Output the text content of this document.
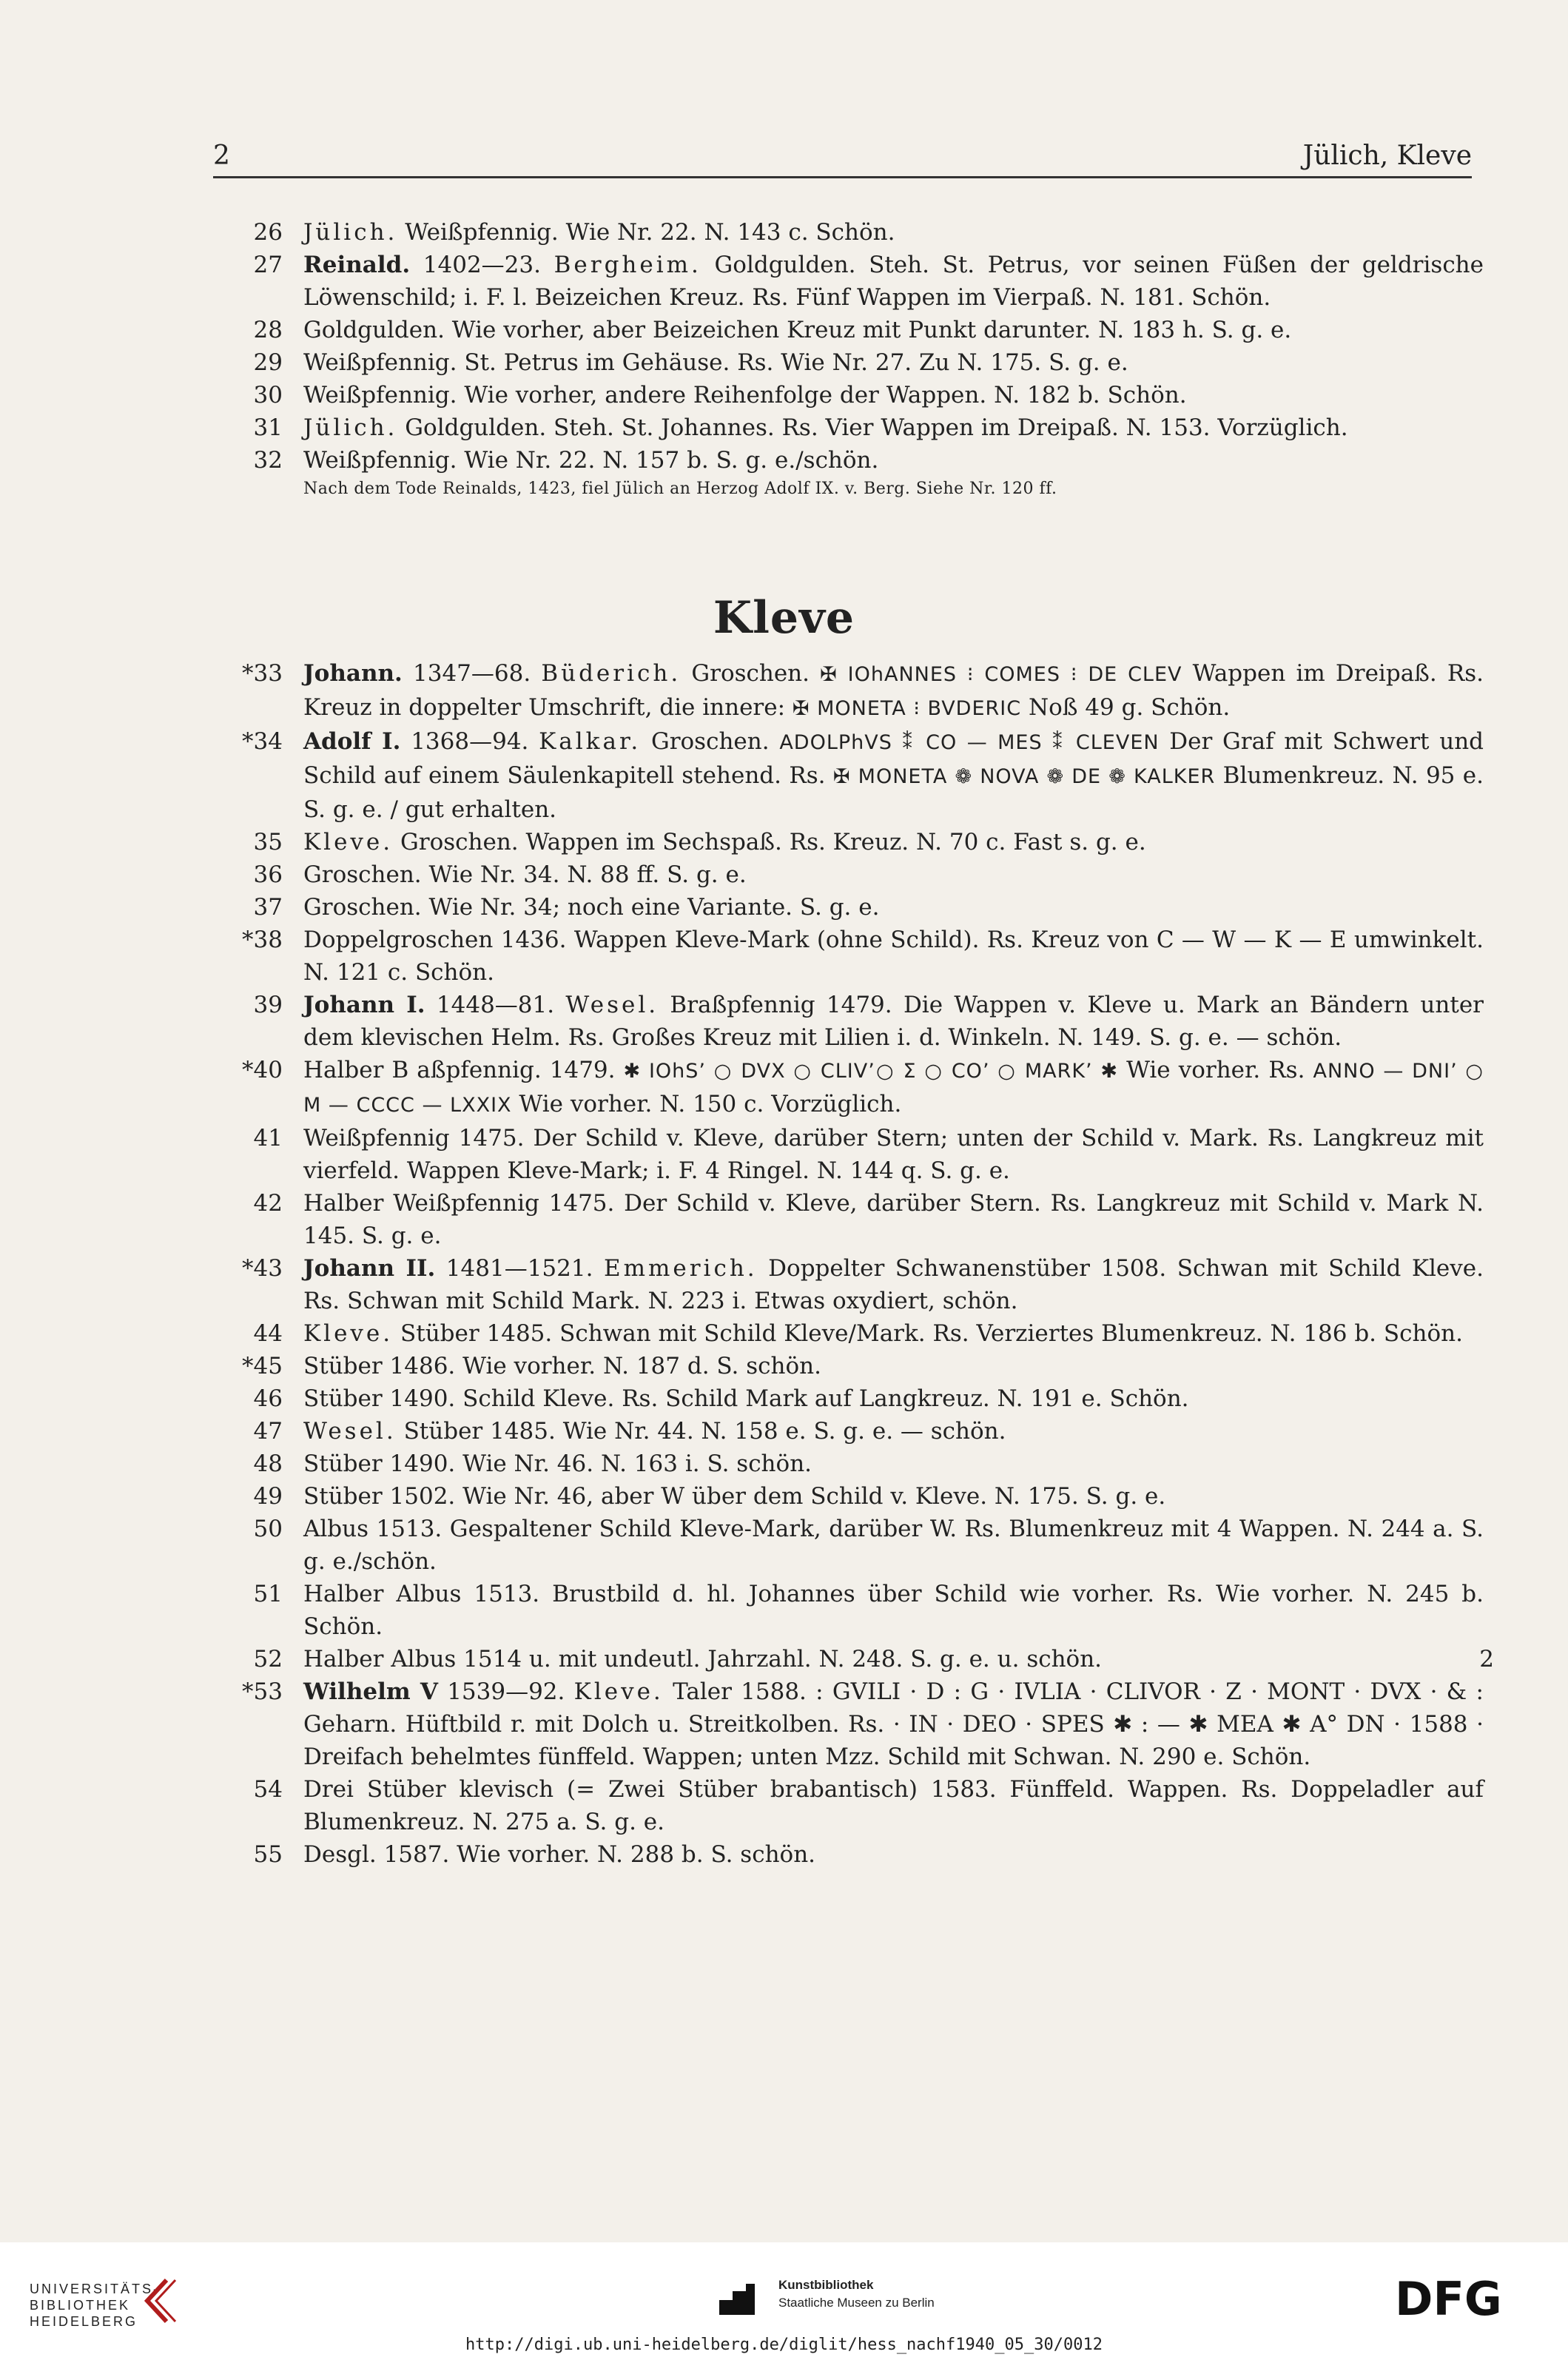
2	Jülich, Kleve
26 Jülich. Weißpfennig. Wie Nr. 22. N. 143 c. Schön.
27 Reinald. 1402—23. Bergheim. Goldgulden. Steh. St. Petrus, vor seinen Füßen der geldrische Löwenschild; i. F. l. Beizeichen Kreuz. Rs. Fünf Wappen im Vierpaß. N. 181. Schön.
28 Goldgulden. Wie vorher, aber Beizeichen Kreuz mit Punkt darunter. N. 183 h. S. g. e.
29 Weißpfennig. St. Petrus im Gehäuse. Rs. Wie Nr. 27. Zu N. 175. S. g. e.
30 Weißpfennig. Wie vorher, andere Reihenfolge der Wappen. N. 182 b. Schön.
31 Jülich. Goldgulden. Steh. St. Johannes. Rs. Vier Wappen im Dreipaß. N. 153. Vorzüglich.
32 Weißpfennig. Wie Nr. 22. N. 157 b. S. g. e./schön.
Nach dem Tode Reinalds, 1423, fiel Jülich an Herzog Adolf IX. v. Berg. Siehe Nr. 120 ff.
Kleve
*33 Johann. 1347—68. Büderich. Groschen. ✠ IOhANNES ⁝ COMES ⁝ DE CLEV Wappen im Dreipaß. Rs. Kreuz in doppelter Umschrift, die innere: ✠ MONETA ⁝ BVDERIC Noß 49 g. Schön.
*34 Adolf I. 1368—94. Kalkar. Groschen. ADOLPhVS ⁑ CO — MES ⁑ CLEVEN Der Graf mit Schwert und Schild auf einem Säulenkapitell stehend. Rs. ✠ MONETA ❁ NOVA ❁ DE ❁ KALKER Blumenkreuz. N. 95 e. S. g. e. / gut erhalten.
35 Kleve. Groschen. Wappen im Sechspaß. Rs. Kreuz. N. 70 c. Fast s. g. e.
36 Groschen. Wie Nr. 34. N. 88 ff. S. g. e.
37 Groschen. Wie Nr. 34; noch eine Variante. S. g. e.
*38 Doppelgroschen 1436. Wappen Kleve-Mark (ohne Schild). Rs. Kreuz von C — W — K — E umwinkelt. N. 121 c. Schön.
39 Johann I. 1448—81. Wesel. Braßpfennig 1479. Die Wappen v. Kleve u. Mark an Bändern unter dem klevischen Helm. Rs. Großes Kreuz mit Lilien i. d. Winkeln. N. 149. S. g. e. — schön.
*40 Halber B aßpfennig. 1479. ✱ IOhS’ ○ DVX ○ CLIV’○ Σ ○ CO’ ○ MARK’ ✱ Wie vorher. Rs. ANNO — DNI’ ○ M — CCCC — LXXIX Wie vorher. N. 150 c. Vorzüglich.
41 Weißpfennig 1475. Der Schild v. Kleve, darüber Stern; unten der Schild v. Mark. Rs. Langkreuz mit vierfeld. Wappen Kleve-Mark; i. F. 4 Ringel. N. 144 q. S. g. e.
42 Halber Weißpfennig 1475. Der Schild v. Kleve, darüber Stern. Rs. Langkreuz mit Schild v. Mark N. 145. S. g. e.
*43 Johann II. 1481—1521. Emmerich. Doppelter Schwanenstüber 1508. Schwan mit Schild Kleve. Rs. Schwan mit Schild Mark. N. 223 i. Etwas oxydiert, schön.
44 Kleve. Stüber 1485. Schwan mit Schild Kleve/Mark. Rs. Verziertes Blumenkreuz. N. 186 b. Schön.
*45 Stüber 1486. Wie vorher. N. 187 d. S. schön.
46 Stüber 1490. Schild Kleve. Rs. Schild Mark auf Langkreuz. N. 191 e. Schön.
47 Wesel. Stüber 1485. Wie Nr. 44. N. 158 e. S. g. e. — schön.
48 Stüber 1490. Wie Nr. 46. N. 163 i. S. schön.
49 Stüber 1502. Wie Nr. 46, aber W über dem Schild v. Kleve. N. 175. S. g. e.
50 Albus 1513. Gespaltener Schild Kleve-Mark, darüber W. Rs. Blumenkreuz mit 4 Wappen. N. 244 a. S. g. e./schön.
51 Halber Albus 1513. Brustbild d. hl. Johannes über Schild wie vorher. Rs. Wie vorher. N. 245 b. Schön.
52 Halber Albus 1514 u. mit undeutl. Jahrzahl. N. 248. S. g. e. u. schön.	2
*53 Wilhelm V 1539—92. Kleve. Taler 1588. : GVILI · D : G · IVLIA · CLIVOR · Z · MONT · DVX · & : Geharn. Hüftbild r. mit Dolch u. Streitkolben. Rs. · IN · DEO · SPES ✱ : — ✱ MEA ✱ A° DN · 1588 · Dreifach behelmtes fünffeld. Wappen; unten Mzz. Schild mit Schwan. N. 290 e. Schön.
54 Drei Stüber klevisch (= Zwei Stüber brabantisch) 1583. Fünffeld. Wappen. Rs. Doppeladler auf Blumenkreuz. N. 275 a. S. g. e.
55 Desgl. 1587. Wie vorher. N. 288 b. S. schön.
UNIVERSITÄTS-
BIBLIOTHEK
HEIDELBERG
Kunstbibliothek
Staatliche Museen zu Berlin	DFG
http://digi.ub.uni-heidelberg.de/diglit/hess_nachf1940_05_30/0012
